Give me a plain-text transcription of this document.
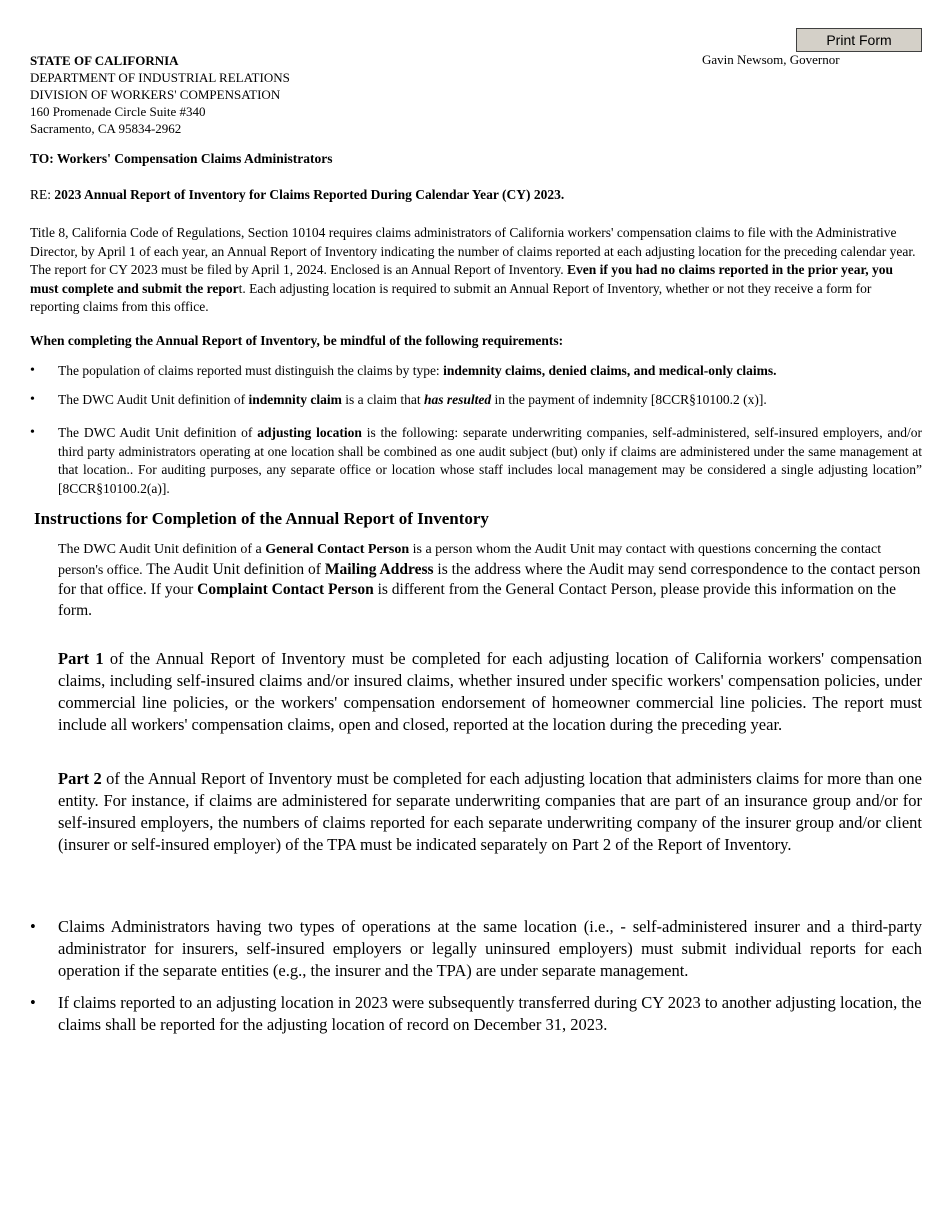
Print Form
Gavin Newsom, Governor
STATE OF CALIFORNIA
DEPARTMENT OF INDUSTRIAL RELATIONS
DIVISION OF WORKERS' COMPENSATION
160 Promenade Circle Suite #340
Sacramento, CA 95834-2962
TO: Workers' Compensation Claims Administrators
RE: 2023 Annual Report of Inventory for Claims Reported During Calendar Year (CY) 2023.
Title 8, California Code of Regulations, Section 10104 requires claims administrators of California workers' compensation claims to file with the Administrative Director, by April 1 of each year, an Annual Report of Inventory indicating the number of claims reported at each adjusting location for the preceding calendar year. The report for CY 2023 must be filed by April 1, 2024. Enclosed is an Annual Report of Inventory. Even if you had no claims reported in the prior year, you must complete and submit the report. Each adjusting location is required to submit an Annual Report of Inventory, whether or not they receive a form for reporting claims from this office.
When completing the Annual Report of Inventory, be mindful of the following requirements:
• The population of claims reported must distinguish the claims by type: indemnity claims, denied claims, and medical-only claims.
• The DWC Audit Unit definition of indemnity claim is a claim that has resulted in the payment of indemnity [8CCR§10100.2 (x)].
• The DWC Audit Unit definition of adjusting location is the following: separate underwriting companies, self-administered, self-insured employers, and/or third party administrators operating at one location shall be combined as one audit subject (but) only if claims are administered under the same management at that location.. For auditing purposes, any separate office or location whose staff includes local management may be considered a single adjusting location” [8CCR§10100.2(a)].
Instructions for Completion of the Annual Report of Inventory
The DWC Audit Unit definition of a General Contact Person is a person whom the Audit Unit may contact with questions concerning the contact person's office. The Audit Unit definition of Mailing Address is the address where the Audit may send correspondence to the contact person for that office. If your Complaint Contact Person is different from the General Contact Person, please provide this information on the form.
Part 1 of the Annual Report of Inventory must be completed for each adjusting location of California workers' compensation claims, including self-insured claims and/or insured claims, whether insured under specific workers' compensation policies, under commercial line policies, or the workers' compensation endorsement of homeowner commercial line policies. The report must include all workers' compensation claims, open and closed, reported at the location during the preceding year.
Part 2 of the Annual Report of Inventory must be completed for each adjusting location that administers claims for more than one entity. For instance, if claims are administered for separate underwriting companies that are part of an insurance group and/or for self-insured employers, the numbers of claims reported for each separate underwriting company of the insurer group and/or client (insurer or self-insured employer) of the TPA must be indicated separately on Part 2 of the Report of Inventory.
• Claims Administrators having two types of operations at the same location (i.e., - self-administered insurer and a third-party administrator for insurers, self-insured employers or legally uninsured employers) must submit individual reports for each operation if the separate entities (e.g., the insurer and the TPA) are under separate management.
• If claims reported to an adjusting location in 2023 were subsequently transferred during CY 2023 to another adjusting location, the claims shall be reported for the adjusting location of record on December 31, 2023.
